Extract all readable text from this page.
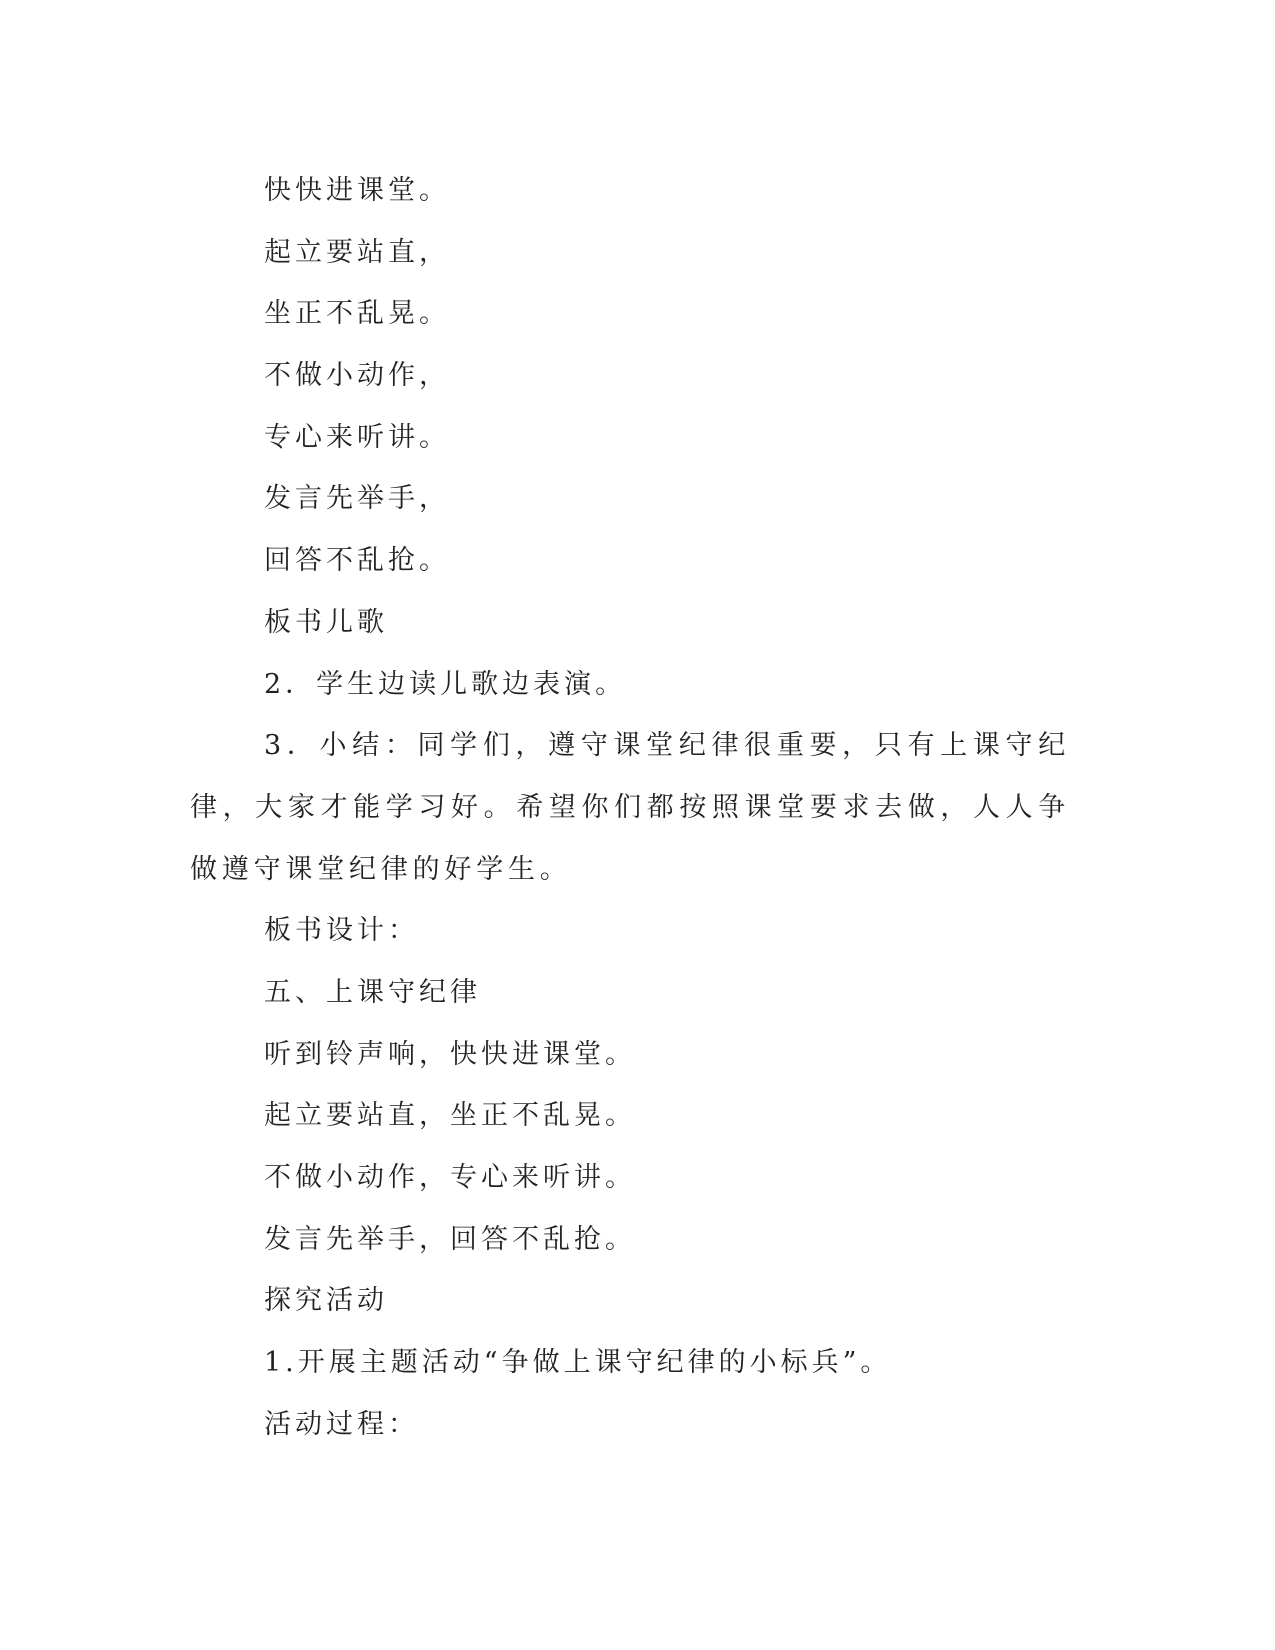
快快进课堂。
起立要站直，
坐正不乱晃。
不做小动作，
专心来听讲。
发言先举手，
回答不乱抢。
板书儿歌
2．学生边读儿歌边表演。

3．小结：同学们，遵守课堂纪律很重要，只有上课守纪律，大家才能学习好。希望你们都按照课堂要求去做，人人争做遵守课堂纪律的好学生。

板书设计：
五、上课守纪律
听到铃声响，快快进课堂。
起立要站直，坐正不乱晃。
不做小动作，专心来听讲。
发言先举手，回答不乱抢。
探究活动
1.开展主题活动“争做上课守纪律的小标兵”。
活动过程：
